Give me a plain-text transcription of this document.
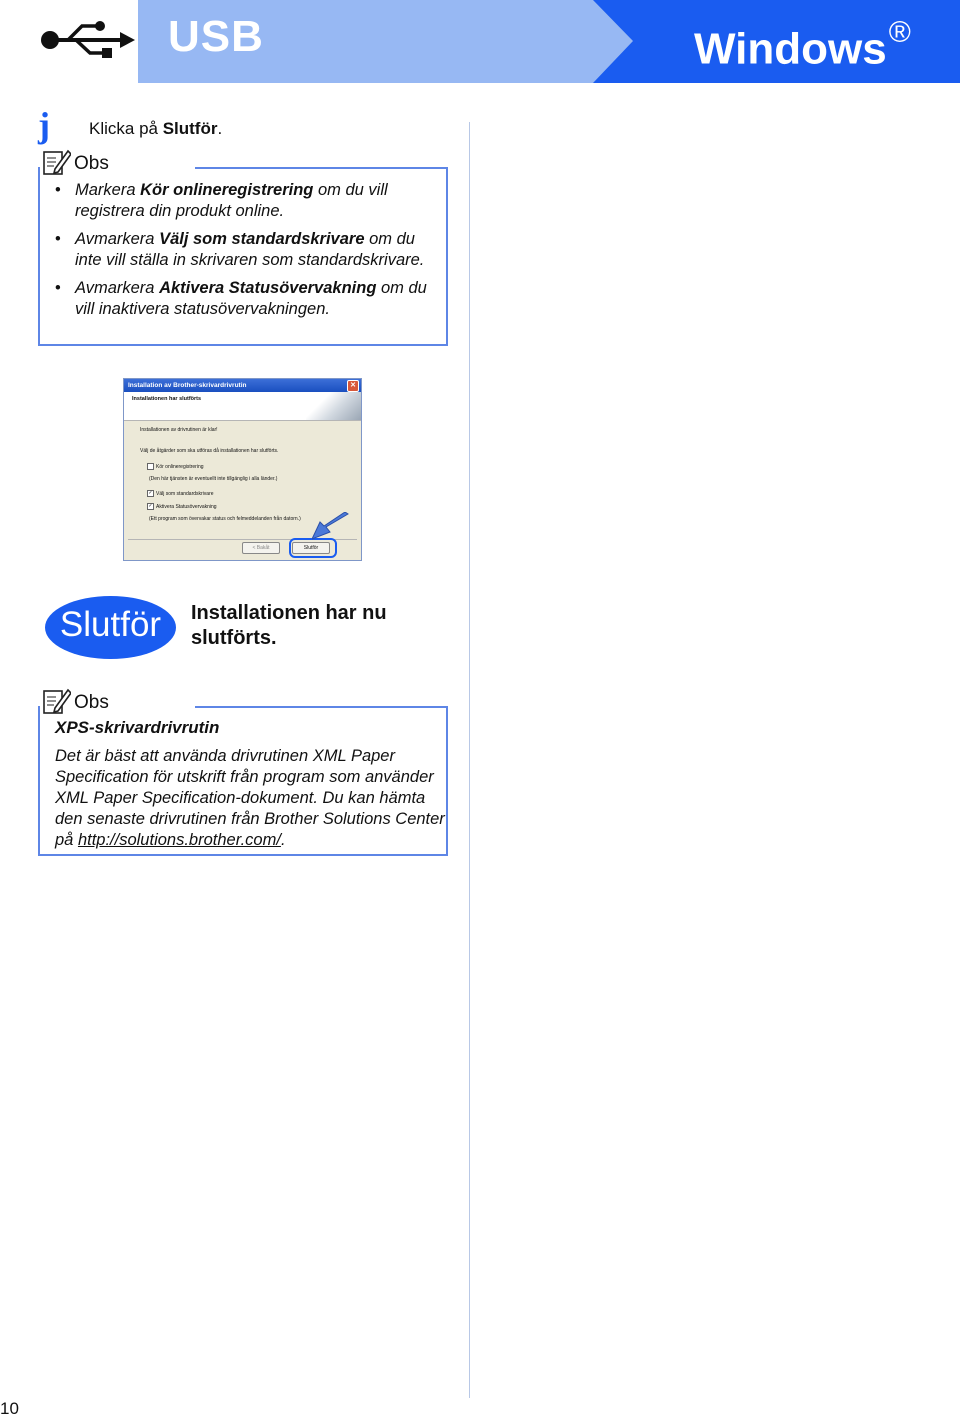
USB	Windows®
j Klicka på Slutför.
Obs
• Markera Kör onlineregistrering om du vill registrera din produkt online.
• Avmarkera Välj som standardskrivare om du inte vill ställa in skrivaren som standardskrivare.
• Avmarkera Aktivera Statusövervakning om du vill inaktivera statusövervakningen.
Installation av Brother-skrivardrivrutin	✕
Installationen har slutförts
Installationen av drivrutinen är klar!
Välj de åtgärder som ska utföras då installationen har slutförts.
Kör onlineregistrering
(Den här tjänsten är eventuellt inte tillgänglig i alla länder.)
✓ Välj som standardskrivare
✓ Aktivera Statusövervakning
(Ett program som övervakar status och felmeddelanden från datorn.)
< Bakåt	Slutför
Slutför	Installationen har nu slutförts.
Obs
XPS-skrivardrivrutin
Det är bäst att använda drivrutinen XML Paper Specification för utskrift från program som använder XML Paper Specification-dokument. Du kan hämta den senaste drivrutinen från Brother Solutions Center på http://solutions.brother.com/.
10
